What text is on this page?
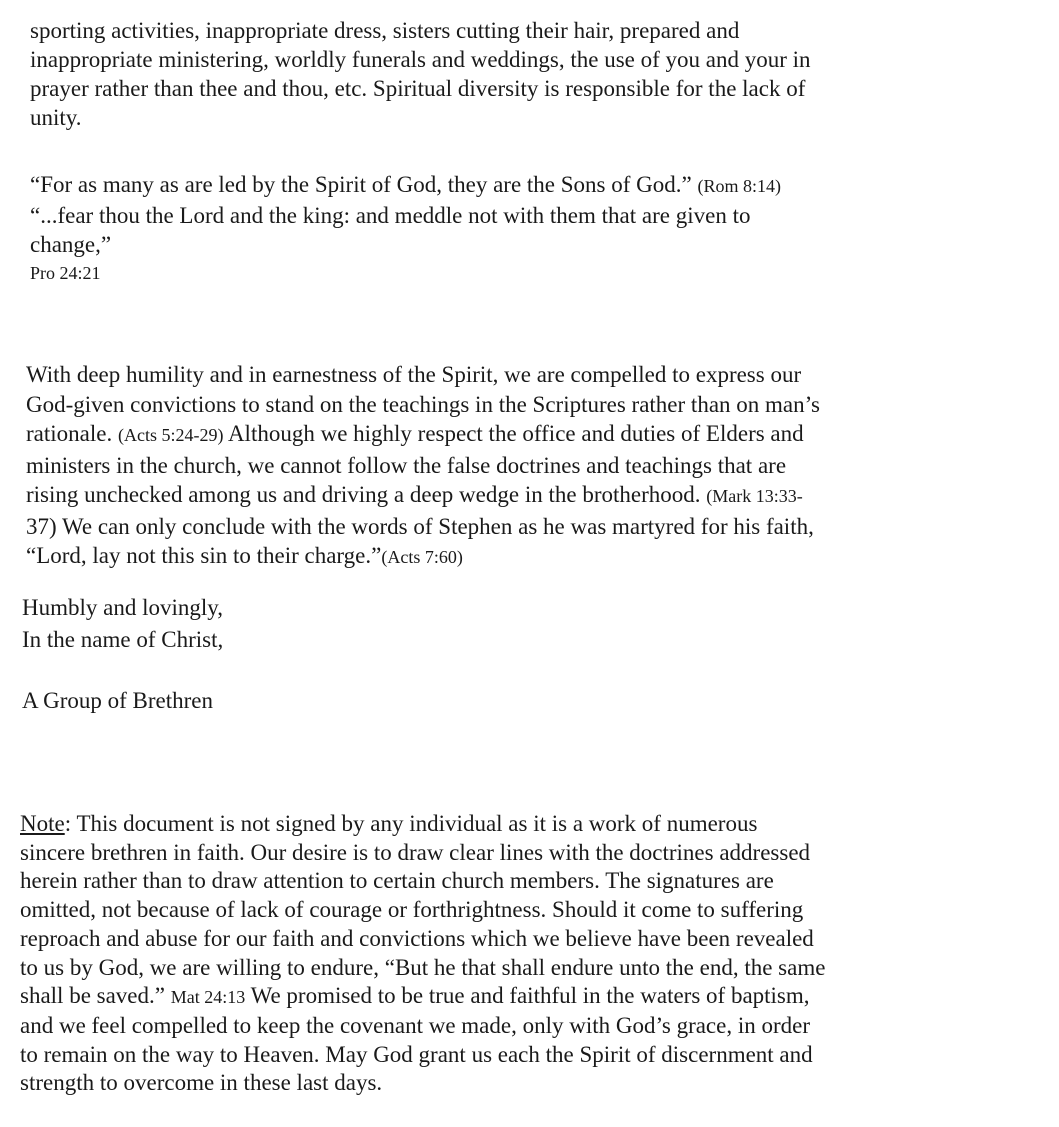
sporting activities, inappropriate dress, sisters cutting their hair, prepared and
inappropriate ministering, worldly funerals and weddings, the use of you and your in
prayer rather than thee and thou, etc. Spiritual diversity is responsible for the lack of
unity.
“For as many as are led by the Spirit of God, they are the Sons of God.” (Rom 8:14)
“...fear thou the Lord and the king: and meddle not with them that are given to
change,”
Pro 24:21
With deep humility and in earnestness of the Spirit, we are compelled to express our
God-given convictions to stand on the teachings in the Scriptures rather than on man’s
rationale. (Acts 5:24-29) Although we highly respect the office and duties of Elders and
ministers in the church, we cannot follow the false doctrines and teachings that are
rising unchecked among us and driving a deep wedge in the brotherhood. (Mark 13:33-
37) We can only conclude with the words of Stephen as he was martyred for his faith,
“Lord, lay not this sin to their charge.”(Acts 7:60)
Humbly and lovingly,
In the name of Christ,
A Group of Brethren
Note: This document is not signed by any individual as it is a work of numerous
sincere brethren in faith. Our desire is to draw clear lines with the doctrines addressed
herein rather than to draw attention to certain church members. The signatures are
omitted, not because of lack of courage or forthrightness. Should it come to suffering
reproach and abuse for our faith and convictions which we believe have been revealed
to us by God, we are willing to endure, “But he that shall endure unto the end, the same
shall be saved.” Mat 24:13 We promised to be true and faithful in the waters of baptism,
and we feel compelled to keep the covenant we made, only with God’s grace, in order
to remain on the way to Heaven. May God grant us each the Spirit of discernment and
strength to overcome in these last days.
